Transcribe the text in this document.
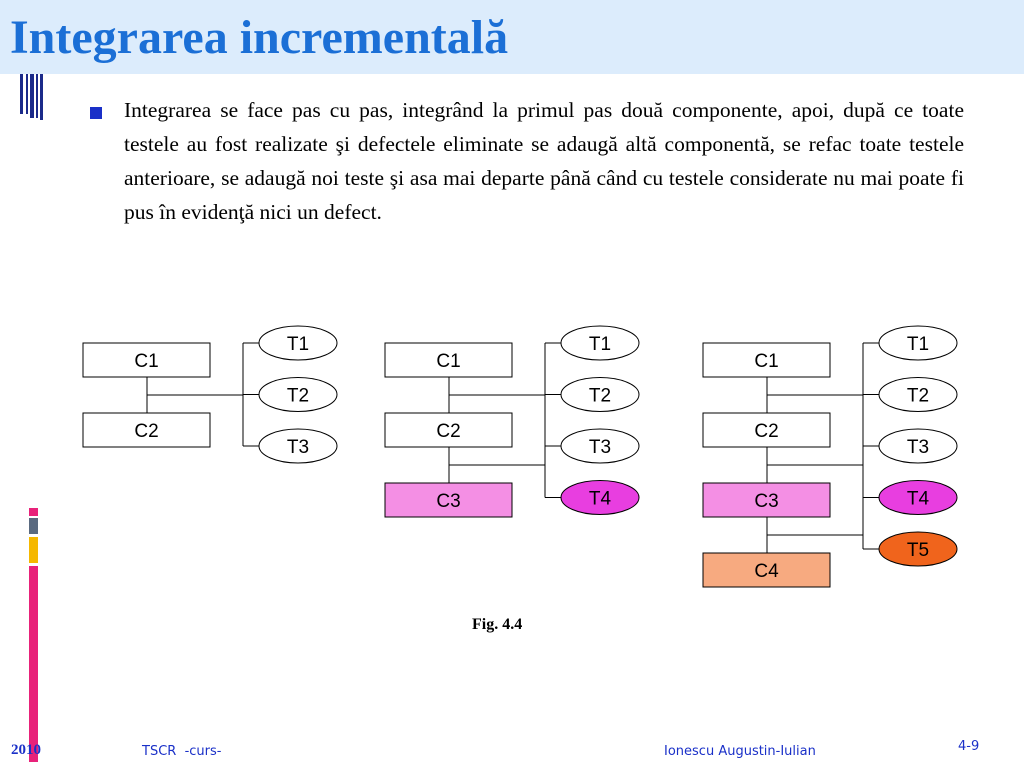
Integrarea incrementală

Integrarea se face pas cu pas, integrând la primul pas două componente, apoi, după ce toate testele au fost realizate şi defectele eliminate se adaugă altă componentă, se refac toate testele anterioare, se adaugă noi teste şi asa mai departe până când cu testele considerate nu mai poate fi pus în evidenţă nici un defect.

C1
C2
T1
T2
T3
C1
C2
C3
T1
T2
T3
T4
C1
C2
C3
C4
T1
T2
T3
T4
T5
Fig. 4.4
2010	TSCR  -curs-	Ionescu Augustin-Iulian	4-9
